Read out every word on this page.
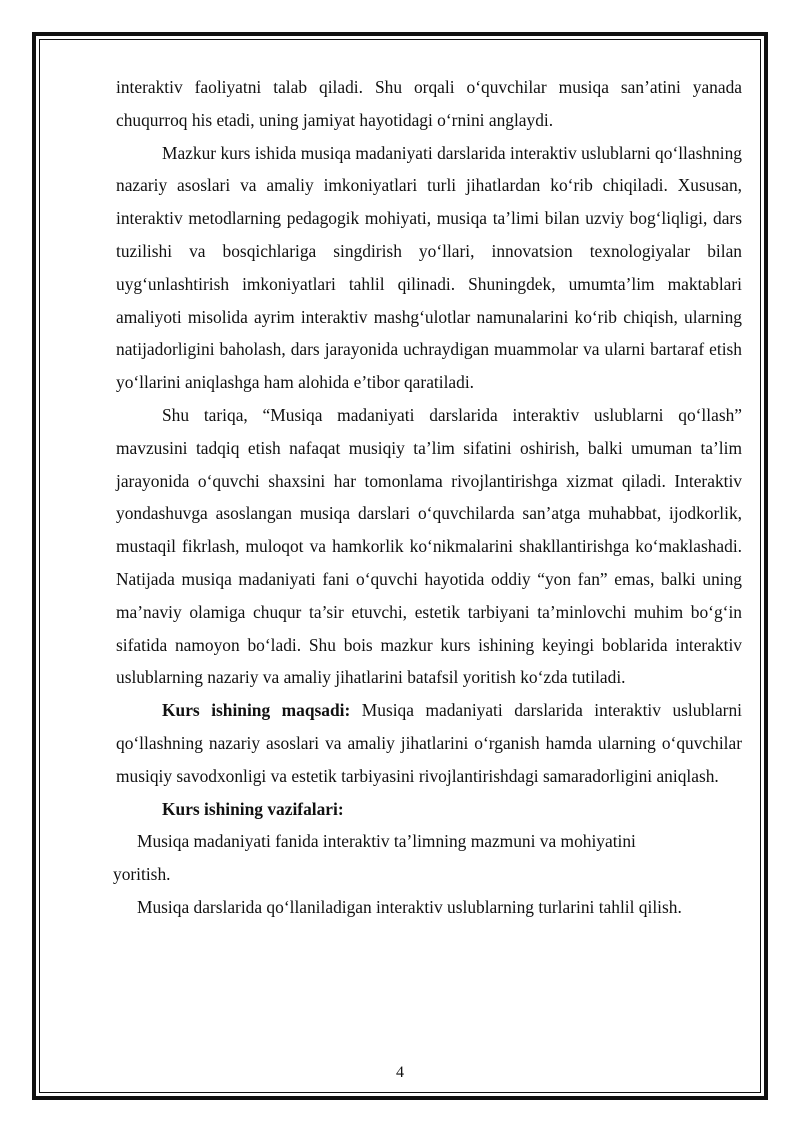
interaktiv faoliyatni talab qiladi. Shu orqali o‘quvchilar musiqa san’atini yanada chuqurroq his etadi, uning jamiyat hayotidagi o‘rnini anglaydi.

Mazkur kurs ishida musiqa madaniyati darslarida interaktiv uslublarni qo‘llashning nazariy asoslari va amaliy imkoniyatlari turli jihatlardan ko‘rib chiqiladi. Xususan, interaktiv metodlarning pedagogik mohiyati, musiqa ta’limi bilan uzviy bog‘liqligi, dars tuzilishi va bosqichlariga singdirish yo‘llari, innovatsion texnologiyalar bilan uyg‘unlashtirish imkoniyatlari tahlil qilinadi. Shuningdek, umumta’lim maktablari amaliyoti misolida ayrim interaktiv mashg‘ulotlar namunalarini ko‘rib chiqish, ularning natijadorligini baholash, dars jarayonida uchraydigan muammolar va ularni bartaraf etish yo‘llarini aniqlashga ham alohida e’tibor qaratiladi.

Shu tariqa, “Musiqa madaniyati darslarida interaktiv uslublarni qo‘llash” mavzusini tadqiq etish nafaqat musiqiy ta’lim sifatini oshirish, balki umuman ta’lim jarayonida o‘quvchi shaxsini har tomonlama rivojlantirishga xizmat qiladi. Interaktiv yondashuvga asoslangan musiqa darslari o‘quvchilarda san’atga muhabbat, ijodkorlik, mustaqil fikrlash, muloqot va hamkorlik ko‘nikmalarini shakllantirishga ko‘maklashadi. Natijada musiqa madaniyati fani o‘quvchi hayotida oddiy “yon fan” emas, balki uning ma’naviy olamiga chuqur ta’sir etuvchi, estetik tarbiyani ta’minlovchi muhim bo‘g‘in sifatida namoyon bo‘ladi. Shu bois mazkur kurs ishining keyingi boblarida interaktiv uslublarning nazariy va amaliy jihatlarini batafsil yoritish ko‘zda tutiladi.

Kurs ishining maqsadi: Musiqa madaniyati darslarida interaktiv uslublarni qo‘llashning nazariy asoslari va amaliy jihatlarini o‘rganish hamda ularning o‘quvchilar musiqiy savodxonligi va estetik tarbiyasini rivojlantirishdagi samaradorligini aniqlash.

Kurs ishining vazifalari:

Musiqa madaniyati fanida interaktiv ta’limning mazmuni va mohiyatini

yoritish.

Musiqa darslarida qo‘llaniladigan interaktiv uslublarning turlarini tahlil qilish.

4
